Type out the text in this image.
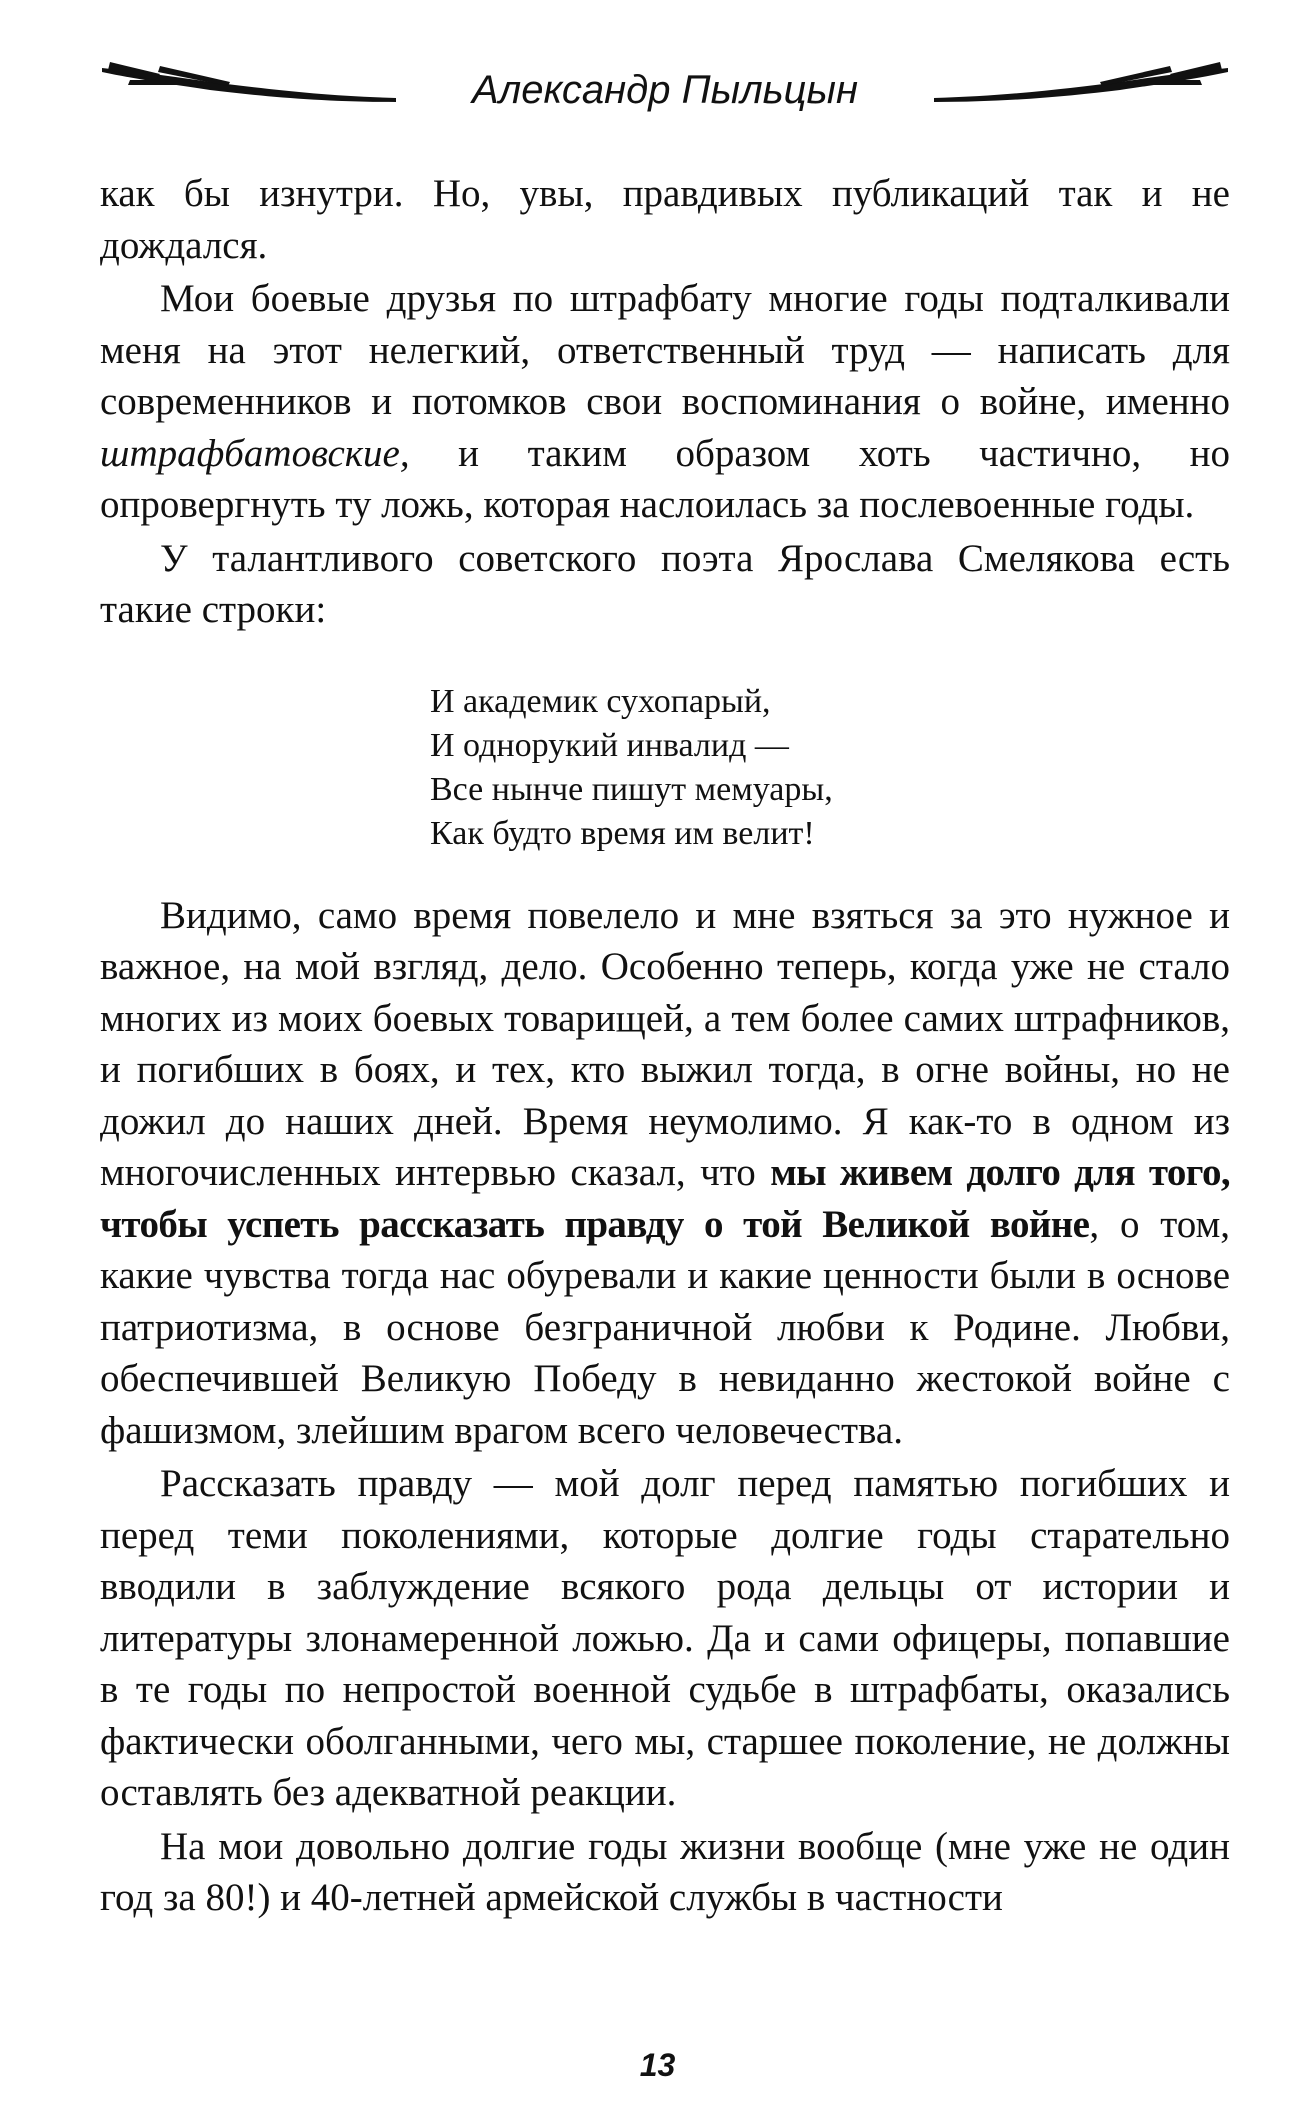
Александр Пыльцын

как бы изнутри. Но, увы, правдивых публикаций так и не дождался.

Мои боевые друзья по штрафбату многие годы подталкивали меня на этот нелегкий, ответственный труд — написать для современников и потомков свои воспоминания о войне, именно штрафбатовские, и таким образом хоть частично, но опровергнуть ту ложь, которая наслоилась за послевоенные годы.

У талантливого советского поэта Ярослава Смелякова есть такие строки:

И академик сухопарый,
И однорукий инвалид —
Все нынче пишут мемуары,
Как будто время им велит!

Видимо, само время повелело и мне взяться за это нужное и важное, на мой взгляд, дело. Особенно теперь, когда уже не стало многих из моих боевых товарищей, а тем более самих штрафников, и погибших в боях, и тех, кто выжил тогда, в огне войны, но не дожил до наших дней. Время неумолимо. Я как-то в одном из многочисленных интервью сказал, что мы живем долго для того, чтобы успеть рассказать правду о той Великой войне, о том, какие чувства тогда нас обуревали и какие ценности были в основе патриотизма, в основе безграничной любви к Родине. Любви, обеспечившей Великую Победу в невиданно жестокой войне с фашизмом, злейшим врагом всего человечества.

Рассказать правду — мой долг перед памятью погибших и перед теми поколениями, которые долгие годы старательно вводили в заблуждение всякого рода дельцы от истории и литературы злонамеренной ложью. Да и сами офицеры, попавшие в те годы по непростой военной судьбе в штрафбаты, оказались фактически оболганными, чего мы, старшее поколение, не должны оставлять без адекватной реакции.

На мои довольно долгие годы жизни вообще (мне уже не один год за 80!) и 40-летней армейской службы в частности

13
